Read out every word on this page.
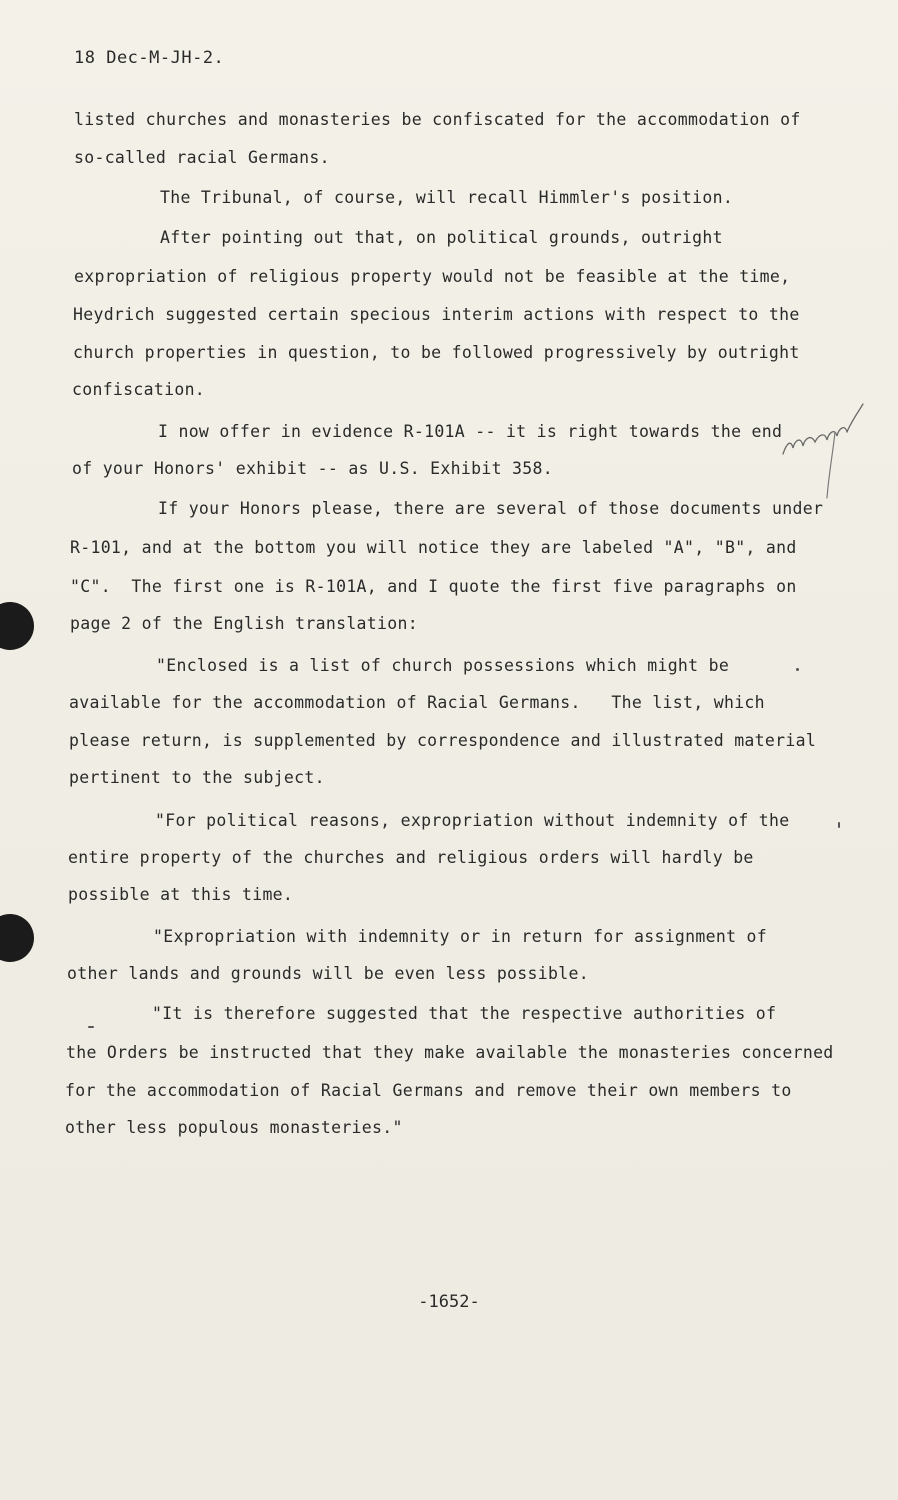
18 Dec-M-JH-2.
listed churches and monasteries be confiscated for the accommodation of
so-called racial Germans.
The Tribunal, of course, will recall Himmler's position.
After pointing out that, on political grounds, outright
expropriation of religious property would not be feasible at the time,
Heydrich suggested certain specious interim actions with respect to the
church properties in question, to be followed progressively by outright
confiscation.
I now offer in evidence R-101A -- it is right towards the end
of your Honors' exhibit -- as U.S. Exhibit 358.
If your Honors please, there are several of those documents under
R-101, and at the bottom you will notice they are labeled "A", "B", and
"C".  The first one is R-101A, and I quote the first five paragraphs on
page 2 of the English translation:
"Enclosed is a list of church possessions which might be
available for the accommodation of Racial Germans.   The list, which
please return, is supplemented by correspondence and illustrated material
pertinent to the subject.
"For political reasons, expropriation without indemnity of the
entire property of the churches and religious orders will hardly be
possible at this time.
"Expropriation with indemnity or in return for assignment of
other lands and grounds will be even less possible.
"It is therefore suggested that the respective authorities of
the Orders be instructed that they make available the monasteries concerned
for the accommodation of Racial Germans and remove their own members to
other less populous monasteries."
-1652-
